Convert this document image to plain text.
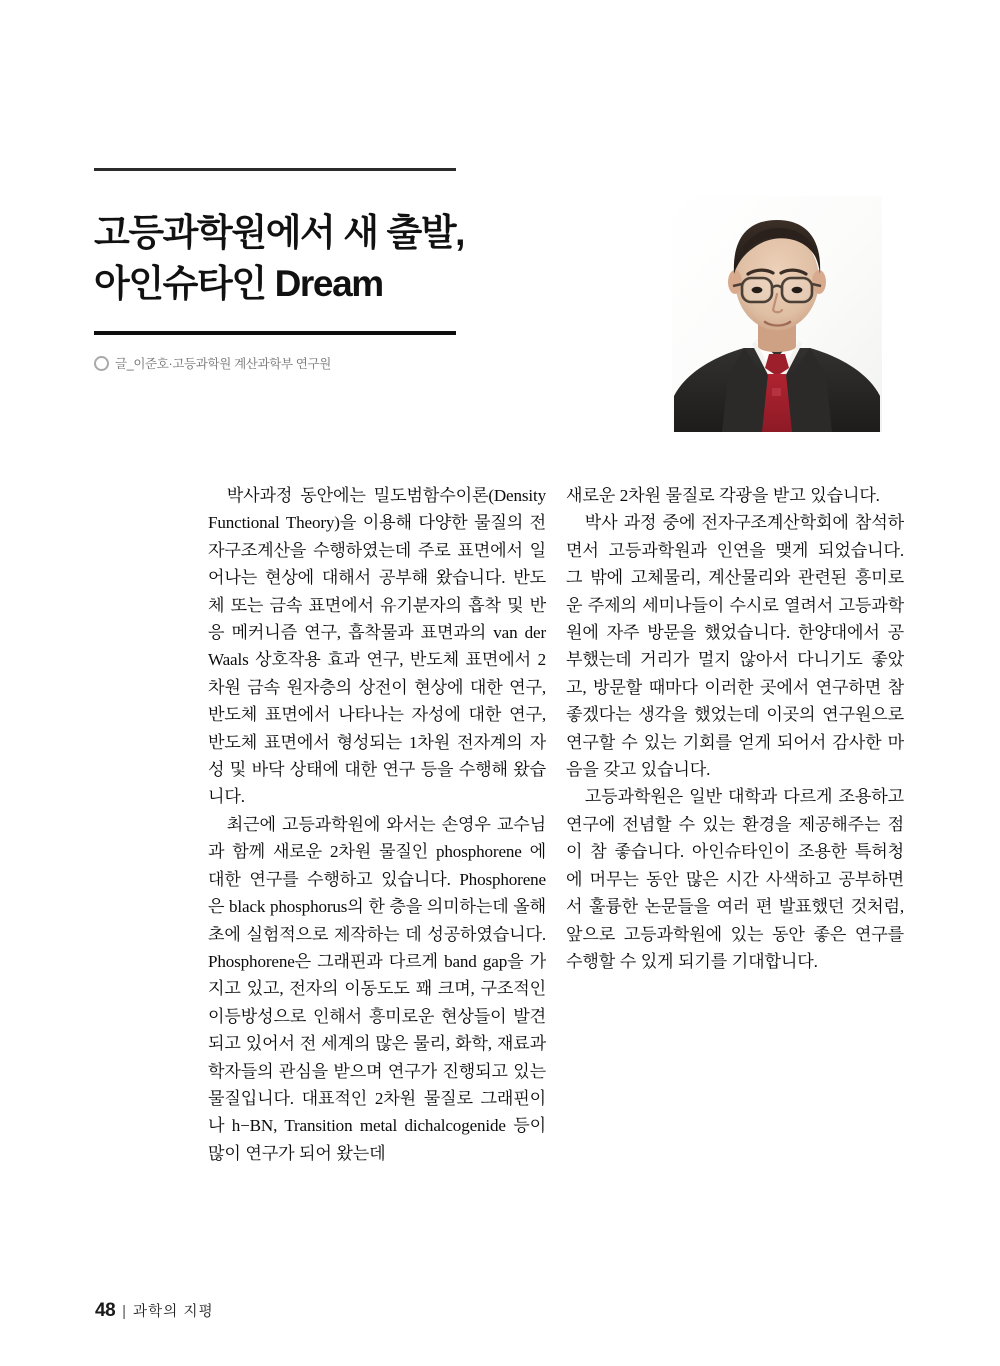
고등과학원에서 새 출발,
아인슈타인 Dream
글_이준호·고등과학원 계산과학부 연구원

박사과정 동안에는 밀도범함수이론(Density Functional Theory)을 이용해 다양한 물질의 전자구조계산을 수행하였는데 주로 표면에서 일어나는 현상에 대해서 공부해 왔습니다. 반도체 또는 금속 표면에서 유기분자의 흡착 및 반응 메커니즘 연구, 흡착물과 표면과의 van der Waals 상호작용 효과 연구, 반도체 표면에서 2차원 금속 원자층의 상전이 현상에 대한 연구, 반도체 표면에서 나타나는 자성에 대한 연구, 반도체 표면에서 형성되는 1차원 전자계의 자성 및 바닥 상태에 대한 연구 등을 수행해 왔습니다.

최근에 고등과학원에 와서는 손영우 교수님과 함께 새로운 2차원 물질인 phosphorene 에 대한 연구를 수행하고 있습니다. Phosphorene은 black phosphorus의 한 층을 의미하는데 올해 초에 실험적으로 제작하는 데 성공하였습니다. Phosphorene은 그래핀과 다르게 band gap을 가지고 있고, 전자의 이동도도 꽤 크며, 구조적인 이등방성으로 인해서 흥미로운 현상들이 발견되고 있어서 전 세계의 많은 물리, 화학, 재료과학자들의 관심을 받으며 연구가 진행되고 있는 물질입니다. 대표적인 2차원 물질로 그래핀이나 h−BN, Transition metal dichalcogenide 등이 많이 연구가 되어 왔는데

새로운 2차원 물질로 각광을 받고 있습니다.

박사 과정 중에 전자구조계산학회에 참석하면서 고등과학원과 인연을 맺게 되었습니다. 그 밖에 고체물리, 계산물리와 관련된 흥미로운 주제의 세미나들이 수시로 열려서 고등과학원에 자주 방문을 했었습니다. 한양대에서 공부했는데 거리가 멀지 않아서 다니기도 좋았고, 방문할 때마다 이러한 곳에서 연구하면 참 좋겠다는 생각을 했었는데 이곳의 연구원으로 연구할 수 있는 기회를 얻게 되어서 감사한 마음을 갖고 있습니다.

고등과학원은 일반 대학과 다르게 조용하고 연구에 전념할 수 있는 환경을 제공해주는 점이 참 좋습니다. 아인슈타인이 조용한 특허청에 머무는 동안 많은 시간 사색하고 공부하면서 훌륭한 논문들을 여러 편 발표했던 것처럼, 앞으로 고등과학원에 있는 동안 좋은 연구를 수행할 수 있게 되기를 기대합니다.

48 | 과학의 지평
